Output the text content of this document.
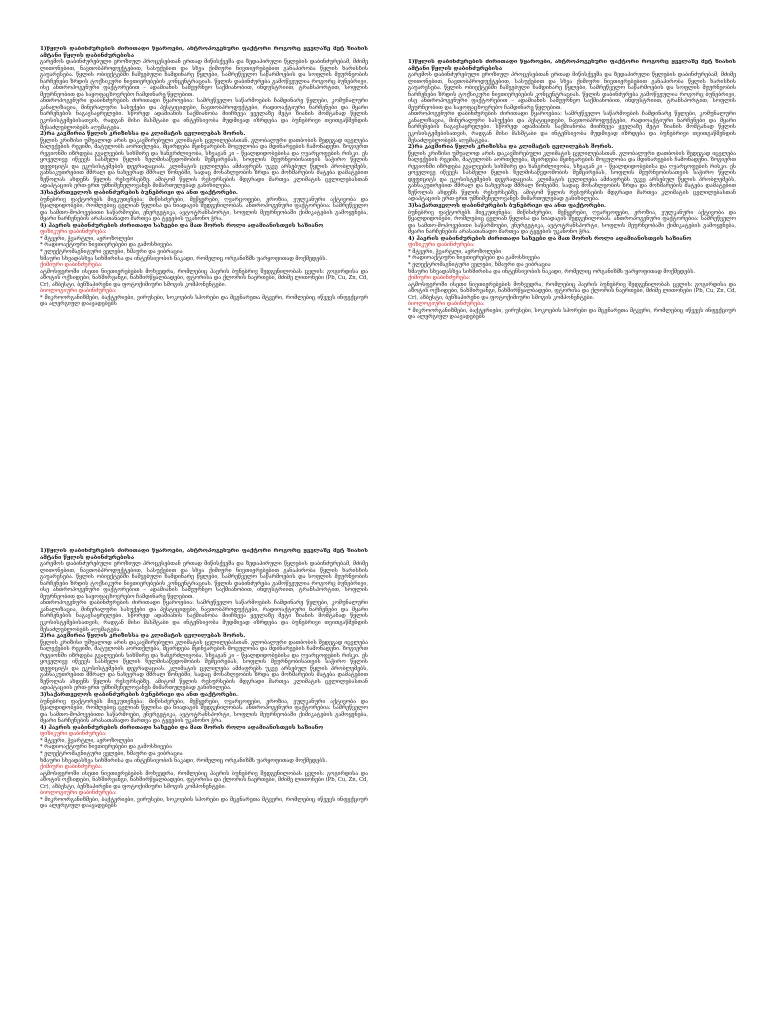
1)წყლის დაბინძურების ძირითადი წყაროები, ანტროპოგენური ფაქტორი როგორც ყველაზე მეტ ზიანის ამტანი წყლის დაბინძურებისა

გარემოს დაბინძურებული ეროზიულ პროცესებთან ერთად მიწისქვეშა და ზედაპირული წყლების დაბინძურებამ, მძიმე ლითონებით, ნავთობპროდუქტებით, სასუქებით და სხვა ქიმიური ნივთიერებებით განაპირობა წყლის ხარისხის გაუარესება. წყლის ობიექტებში ჩაშვებული ჩამდინარე წყლები, სამრეწველო საწარმოების და სოფლის მეურნეობის ნარჩენები ზრდის ტოქსიკური ნივთიერებების კონცენტრაციას. წყლის დაბინძურება გამოწვეულია როგორც ბუნებრივი, ისე ანთროპოგენური ფაქტორებით – ადამიანის სამეურნეო საქმიანობით, ინდუსტრიით, ტრანსპორტით, სოფლის მეურნეობით და საყოფაცხოვრებო ჩამდინარე წყლებით.

ანთროპოგენური დაბინძურების ძირითადი წყაროებია: სამრეწველო საწარმოების ჩამდინარე წყლები, კომუნალური კანალიზაცია, მინერალური სასუქები და პესტიციდები, ნავთობპროდუქტები, რადიოაქტიური ნარჩენები და მყარი ნარჩენების ნაგავსაყრელები. სწორედ ადამიანის საქმიანობა მიიჩნევა ყველაზე მეტი ზიანის მომტანად წყლის ეკოსისტემებისათვის, რადგან მისი მასშტაბი და ინტენსივობა მუდმივად იზრდება და ბუნებრივი თვითგაწმენდის შესაძლებლობებს აღემატება.

2)რა კავშირია წყლის კრიზისსა და კლიმატის ცვლილებას შორის.

წყლის კრიზისი უშუალოდ არის დაკავშირებული კლიმატის ცვლილებასთან. გლობალური დათბობის შედეგად იცვლება ნალექების რეჟიმი, მატულობს აორთქლება, მცირდება მყინვარების მოცულობა და მდინარეების ჩამონადენი. ზოგიერთ რეგიონში იზრდება გვალვების სიხშირე და ხანგრძლივობა, სხვაგან კი – წყალდიდობებისა და ღვარცოფების რისკი. ეს ყოველივე იწვევს სასმელი წყლის ხელმისაწვდომობის შემცირებას, სოფლის მეურნეობისათვის საჭირო წყლის დეფიციტს და ეკოსისტემების დეგრადაციას. კლიმატის ცვლილება ამძაფრებს უკვე არსებულ წყლის პრობლემებს, განსაკუთრებით მშრალ და ნახევრად მშრალ ზონებში, სადაც მოსახლეობის ზრდა და მოხმარების მატება დამატებით ზეწოლას ახდენს წყლის რესურსებზე. ამიტომ წყლის რესურსების მდგრადი მართვა კლიმატის ცვლილებასთან ადაპტაციის ერთ-ერთ უმნიშვნელოვანეს მიმართულებად განიხილება.

3)საქართველოს დაბინძურების ბუნებრივი და ანთ ფაქტორები.

ბუნებრივ ფაქტორებს მიეკუთვნება: მიწისძვრები, მეწყერები, ღვარცოფები, ეროზია, ვულკანური აქტივობა და წყალდიდობები, რომლებიც ცვლიან წყლისა და ნიადაგის შედგენილობას. ანთროპოგენური ფაქტორებია: სამრეწველო და სამთო-მოპოვებითი საწარმოები, ენერგეტიკა, ავტოტრანსპორტი, სოფლის მეურნეობაში ქიმიკატების გამოყენება, მყარი ნარჩენების არასათანადო მართვა და ტყეების უკანონო ჭრა.

4) ჰაერის დაბინძურების ძირითადი სახეები და მათ შორის როლი ადამიანისთვის საზიანო

ფიზიკური დაბინძურება:

* მტვერი, ჭვარტლი, აეროზოლები

* რადიოაქტიური ნივთიერებები და გამოსხივება

* ელექტრომაგნიტური ველები, ხმაური და ვიბრაცია

ხმაური სხვადასხვა სიხშირისა და ინტენსივობის ნაკადი, რომელიც ორგანიზმს უარყოფითად მოქმედებს.

ქიმიური დაბინძურება:

ატმოსფეროში ისეთი ნივთიერებების მოხვედრა, რომლებიც ჰაერის ბუნებრივ შედგენილობას ცვლის: გოგირდისა და აზოტის ოქსიდები, ნახშირჟანგი, ნახშირწყალბადები, ფტორისა და ქლორის ნაერთები, მძიმე ლითონები (Pb, Cu, Zn, Cd, Cr), აზბესტი, ბენზაპირენი და ფოტოქიმიური სმოგის კომპონენტები.

ბიოლოგიური დაბინძურება:

* მიკროორგანიზმები, ბაქტერიები, ვირუსები, სოკოების სპორები და მცენარეთა მტვერი, რომლებიც იწვევს ინფექციურ და ალერგიულ დაავადებებს

1)წყლის დაბინძურების ძირითადი წყაროები, ანტროპოგენური ფაქტორი როგორც ყველაზე მეტ ზიანის ამტანი წყლის დაბინძურებისა

გარემოს დაბინძურებული ეროზიულ პროცესებთან ერთად მიწისქვეშა და ზედაპირული წყლების დაბინძურებამ, მძიმე ლითონებით, ნავთობპროდუქტებით, სასუქებით და სხვა ქიმიური ნივთიერებებით განაპირობა წყლის ხარისხის გაუარესება. წყლის ობიექტებში ჩაშვებული ჩამდინარე წყლები, სამრეწველო საწარმოების და სოფლის მეურნეობის ნარჩენები ზრდის ტოქსიკური ნივთიერებების კონცენტრაციას. წყლის დაბინძურება გამოწვეულია როგორც ბუნებრივი, ისე ანთროპოგენური ფაქტორებით – ადამიანის სამეურნეო საქმიანობით, ინდუსტრიით, ტრანსპორტით, სოფლის მეურნეობით და საყოფაცხოვრებო ჩამდინარე წყლებით.

ანთროპოგენური დაბინძურების ძირითადი წყაროებია: სამრეწველო საწარმოების ჩამდინარე წყლები, კომუნალური კანალიზაცია, მინერალური სასუქები და პესტიციდები, ნავთობპროდუქტები, რადიოაქტიური ნარჩენები და მყარი ნარჩენების ნაგავსაყრელები. სწორედ ადამიანის საქმიანობა მიიჩნევა ყველაზე მეტი ზიანის მომტანად წყლის ეკოსისტემებისათვის, რადგან მისი მასშტაბი და ინტენსივობა მუდმივად იზრდება და ბუნებრივი თვითგაწმენდის შესაძლებლობებს აღემატება.

2)რა კავშირია წყლის კრიზისსა და კლიმატის ცვლილებას შორის.

წყლის კრიზისი უშუალოდ არის დაკავშირებული კლიმატის ცვლილებასთან. გლობალური დათბობის შედეგად იცვლება ნალექების რეჟიმი, მატულობს აორთქლება, მცირდება მყინვარების მოცულობა და მდინარეების ჩამონადენი. ზოგიერთ რეგიონში იზრდება გვალვების სიხშირე და ხანგრძლივობა, სხვაგან კი – წყალდიდობებისა და ღვარცოფების რისკი. ეს ყოველივე იწვევს სასმელი წყლის ხელმისაწვდომობის შემცირებას, სოფლის მეურნეობისათვის საჭირო წყლის დეფიციტს და ეკოსისტემების დეგრადაციას. კლიმატის ცვლილება ამძაფრებს უკვე არსებულ წყლის პრობლემებს, განსაკუთრებით მშრალ და ნახევრად მშრალ ზონებში, სადაც მოსახლეობის ზრდა და მოხმარების მატება დამატებით ზეწოლას ახდენს წყლის რესურსებზე. ამიტომ წყლის რესურსების მდგრადი მართვა კლიმატის ცვლილებასთან ადაპტაციის ერთ-ერთ უმნიშვნელოვანეს მიმართულებად განიხილება.

3)საქართველოს დაბინძურების ბუნებრივი და ანთ ფაქტორები.

ბუნებრივ ფაქტორებს მიეკუთვნება: მიწისძვრები, მეწყერები, ღვარცოფები, ეროზია, ვულკანური აქტივობა და წყალდიდობები, რომლებიც ცვლიან წყლისა და ნიადაგის შედგენილობას. ანთროპოგენური ფაქტორებია: სამრეწველო და სამთო-მოპოვებითი საწარმოები, ენერგეტიკა, ავტოტრანსპორტი, სოფლის მეურნეობაში ქიმიკატების გამოყენება, მყარი ნარჩენების არასათანადო მართვა და ტყეების უკანონო ჭრა.

4) ჰაერის დაბინძურების ძირითადი სახეები და მათ შორის როლი ადამიანისთვის საზიანო

ფიზიკური დაბინძურება:

* მტვერი, ჭვარტლი, აეროზოლები

* რადიოაქტიური ნივთიერებები და გამოსხივება

* ელექტრომაგნიტური ველები, ხმაური და ვიბრაცია

ხმაური სხვადასხვა სიხშირისა და ინტენსივობის ნაკადი, რომელიც ორგანიზმს უარყოფითად მოქმედებს.

ქიმიური დაბინძურება:

ატმოსფეროში ისეთი ნივთიერებების მოხვედრა, რომლებიც ჰაერის ბუნებრივ შედგენილობას ცვლის: გოგირდისა და აზოტის ოქსიდები, ნახშირჟანგი, ნახშირწყალბადები, ფტორისა და ქლორის ნაერთები, მძიმე ლითონები (Pb, Cu, Zn, Cd, Cr), აზბესტი, ბენზაპირენი და ფოტოქიმიური სმოგის კომპონენტები.

ბიოლოგიური დაბინძურება:

* მიკროორგანიზმები, ბაქტერიები, ვირუსები, სოკოების სპორები და მცენარეთა მტვერი, რომლებიც იწვევს ინფექციურ და ალერგიულ დაავადებებს

1)წყლის დაბინძურების ძირითადი წყაროები, ანტროპოგენური ფაქტორი როგორც ყველაზე მეტ ზიანის ამტანი წყლის დაბინძურებისა

გარემოს დაბინძურებული ეროზიულ პროცესებთან ერთად მიწისქვეშა და ზედაპირული წყლების დაბინძურებამ, მძიმე ლითონებით, ნავთობპროდუქტებით, სასუქებით და სხვა ქიმიური ნივთიერებებით განაპირობა წყლის ხარისხის გაუარესება. წყლის ობიექტებში ჩაშვებული ჩამდინარე წყლები, სამრეწველო საწარმოების და სოფლის მეურნეობის ნარჩენები ზრდის ტოქსიკური ნივთიერებების კონცენტრაციას. წყლის დაბინძურება გამოწვეულია როგორც ბუნებრივი, ისე ანთროპოგენური ფაქტორებით – ადამიანის სამეურნეო საქმიანობით, ინდუსტრიით, ტრანსპორტით, სოფლის მეურნეობით და საყოფაცხოვრებო ჩამდინარე წყლებით.

ანთროპოგენური დაბინძურების ძირითადი წყაროებია: სამრეწველო საწარმოების ჩამდინარე წყლები, კომუნალური კანალიზაცია, მინერალური სასუქები და პესტიციდები, ნავთობპროდუქტები, რადიოაქტიური ნარჩენები და მყარი ნარჩენების ნაგავსაყრელები. სწორედ ადამიანის საქმიანობა მიიჩნევა ყველაზე მეტი ზიანის მომტანად წყლის ეკოსისტემებისათვის, რადგან მისი მასშტაბი და ინტენსივობა მუდმივად იზრდება და ბუნებრივი თვითგაწმენდის შესაძლებლობებს აღემატება.

2)რა კავშირია წყლის კრიზისსა და კლიმატის ცვლილებას შორის.

წყლის კრიზისი უშუალოდ არის დაკავშირებული კლიმატის ცვლილებასთან. გლობალური დათბობის შედეგად იცვლება ნალექების რეჟიმი, მატულობს აორთქლება, მცირდება მყინვარების მოცულობა და მდინარეების ჩამონადენი. ზოგიერთ რეგიონში იზრდება გვალვების სიხშირე და ხანგრძლივობა, სხვაგან კი – წყალდიდობებისა და ღვარცოფების რისკი. ეს ყოველივე იწვევს სასმელი წყლის ხელმისაწვდომობის შემცირებას, სოფლის მეურნეობისათვის საჭირო წყლის დეფიციტს და ეკოსისტემების დეგრადაციას. კლიმატის ცვლილება ამძაფრებს უკვე არსებულ წყლის პრობლემებს, განსაკუთრებით მშრალ და ნახევრად მშრალ ზონებში, სადაც მოსახლეობის ზრდა და მოხმარების მატება დამატებით ზეწოლას ახდენს წყლის რესურსებზე. ამიტომ წყლის რესურსების მდგრადი მართვა კლიმატის ცვლილებასთან ადაპტაციის ერთ-ერთ უმნიშვნელოვანეს მიმართულებად განიხილება.

3)საქართველოს დაბინძურების ბუნებრივი და ანთ ფაქტორები.

ბუნებრივ ფაქტორებს მიეკუთვნება: მიწისძვრები, მეწყერები, ღვარცოფები, ეროზია, ვულკანური აქტივობა და წყალდიდობები, რომლებიც ცვლიან წყლისა და ნიადაგის შედგენილობას. ანთროპოგენური ფაქტორებია: სამრეწველო და სამთო-მოპოვებითი საწარმოები, ენერგეტიკა, ავტოტრანსპორტი, სოფლის მეურნეობაში ქიმიკატების გამოყენება, მყარი ნარჩენების არასათანადო მართვა და ტყეების უკანონო ჭრა.

4) ჰაერის დაბინძურების ძირითადი სახეები და მათ შორის როლი ადამიანისთვის საზიანო

ფიზიკური დაბინძურება:

* მტვერი, ჭვარტლი, აეროზოლები

* რადიოაქტიური ნივთიერებები და გამოსხივება

* ელექტრომაგნიტური ველები, ხმაური და ვიბრაცია

ხმაური სხვადასხვა სიხშირისა და ინტენსივობის ნაკადი, რომელიც ორგანიზმს უარყოფითად მოქმედებს.

ქიმიური დაბინძურება:

ატმოსფეროში ისეთი ნივთიერებების მოხვედრა, რომლებიც ჰაერის ბუნებრივ შედგენილობას ცვლის: გოგირდისა და აზოტის ოქსიდები, ნახშირჟანგი, ნახშირწყალბადები, ფტორისა და ქლორის ნაერთები, მძიმე ლითონები (Pb, Cu, Zn, Cd, Cr), აზბესტი, ბენზაპირენი და ფოტოქიმიური სმოგის კომპონენტები.

ბიოლოგიური დაბინძურება:

* მიკროორგანიზმები, ბაქტერიები, ვირუსები, სოკოების სპორები და მცენარეთა მტვერი, რომლებიც იწვევს ინფექციურ და ალერგიულ დაავადებებს
